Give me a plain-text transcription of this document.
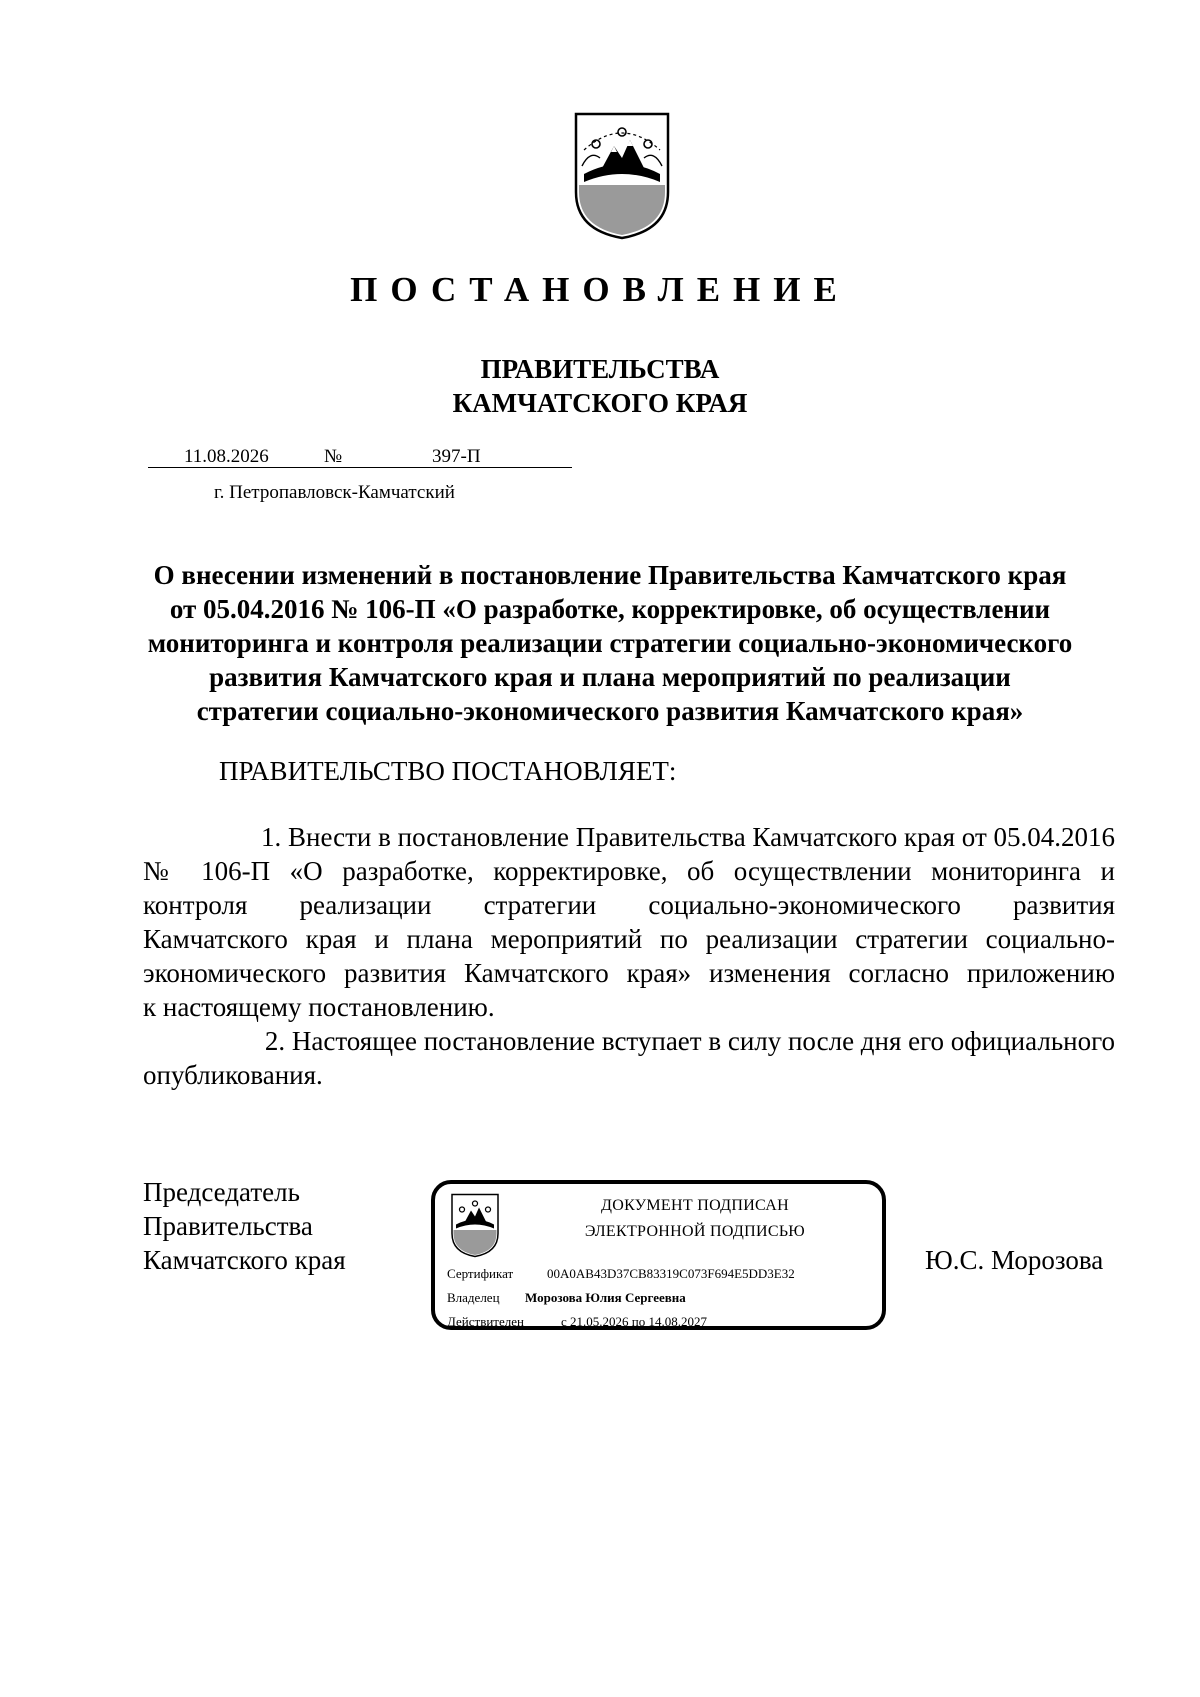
ПОСТАНОВЛЕНИЕ
ПРАВИТЕЛЬСТВА
КАМЧАТСКОГО КРАЯ
11.08.2026	№	397-П
г. Петропавловск-Камчатский
О внесении изменений в постановление Правительства Камчатского края
от 05.04.2016 № 106-П «О разработке, корректировке, об осуществлении
мониторинга и контроля реализации стратегии социально-экономического
развития Камчатского края и плана мероприятий по реализации
стратегии социально-экономического развития Камчатского края»
ПРАВИТЕЛЬСТВО ПОСТАНОВЛЯЕТ:
1. Внести в постановление Правительства Камчатского края от 05.04.2016
№ 106-П «О разработке, корректировке, об осуществлении мониторинга и
контроля реализации стратегии социально-экономического развития
Камчатского края и плана мероприятий по реализации стратегии социально-
экономического развития Камчатского края» изменения согласно приложению
к настоящему постановлению.
2. Настоящее постановление вступает в силу после дня его официального
опубликования.
Председатель
Правительства
Камчатского края
ДОКУМЕНТ ПОДПИСАН
ЭЛЕКТРОННОЙ ПОДПИСЬЮ
Сертификат	00A0AB43D37CB83319C073F694E5DD3E32
Владелец Морозова Юлия Сергеевна
Действителен	с 21.05.2026 по 14.08.2027
Ю.С. Морозова
